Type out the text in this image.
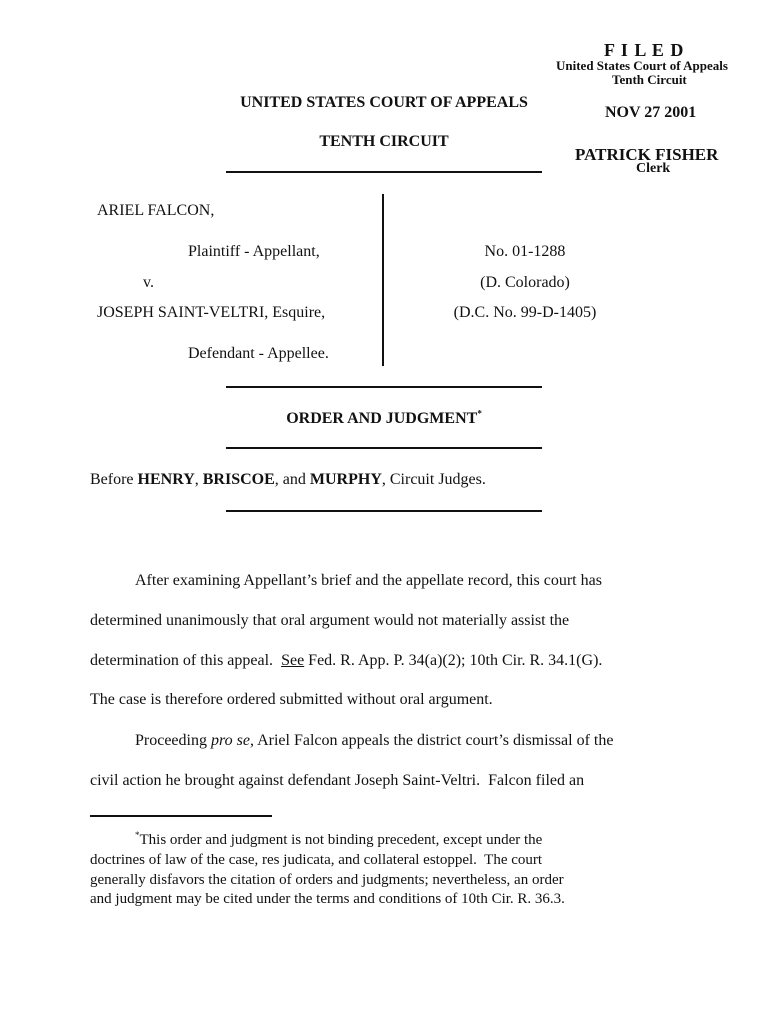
F I L E D
United States Court of Appeals
Tenth Circuit
NOV 27 2001
PATRICK FISHER
Clerk
UNITED STATES COURT OF APPEALS
TENTH CIRCUIT
ARIEL FALCON,
Plaintiff - Appellant,
v.
JOSEPH SAINT-VELTRI, Esquire,
Defendant - Appellee.
No. 01-1288
(D. Colorado)
(D.C. No. 99-D-1405)
ORDER AND JUDGMENT*
Before HENRY, BRISCOE, and MURPHY, Circuit Judges.
After examining Appellant’s brief and the appellate record, this court has
determined unanimously that oral argument would not materially assist the
determination of this appeal.  See Fed. R. App. P. 34(a)(2); 10th Cir. R. 34.1(G).
The case is therefore ordered submitted without oral argument.
Proceeding pro se, Ariel Falcon appeals the district court’s dismissal of the
civil action he brought against defendant Joseph Saint-Veltri.  Falcon filed an
*This order and judgment is not binding precedent, except under the
doctrines of law of the case, res judicata, and collateral estoppel.  The court
generally disfavors the citation of orders and judgments; nevertheless, an order
and judgment may be cited under the terms and conditions of 10th Cir. R. 36.3.
